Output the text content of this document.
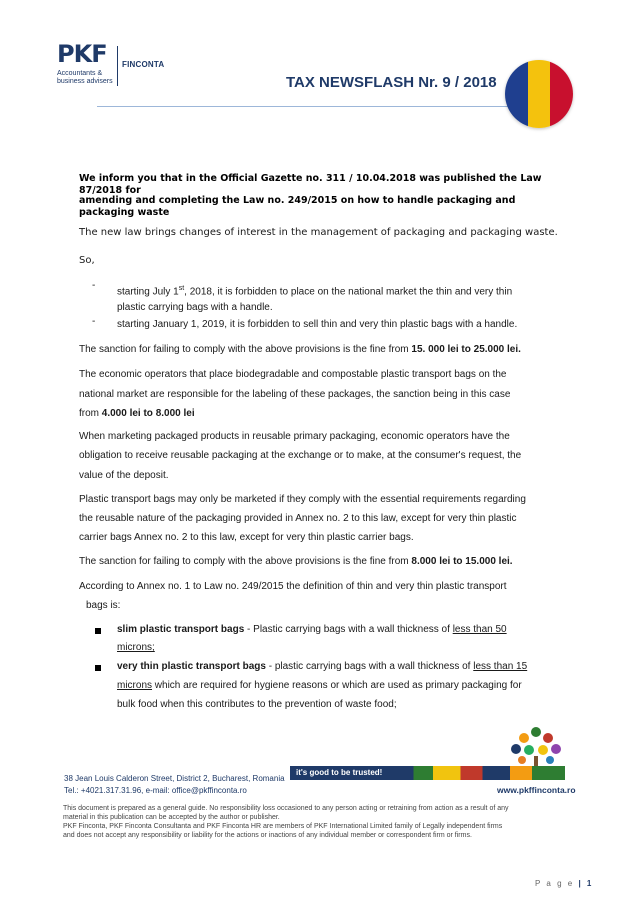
PKF
Accountants & business advisers
FINCONTA
TAX NEWSFLASH Nr. 9 / 2018
We inform you that in the Official Gazette no. 311 / 10.04.2018 was published the Law 87/2018 for
amending and completing the Law no. 249/2015 on how to handle packaging and packaging waste
The new law brings changes of interest in the management of packaging and packaging waste.
So,
-
starting July 1st, 2018, it is forbidden to place on the national market the thin and very thin
plastic carrying bags with a handle.
- starting January 1, 2019, it is forbidden to sell thin and very thin plastic bags with a handle.
The sanction for failing to comply with the above provisions is the fine from 15. 000 lei to 25.000 lei.
The economic operators that place biodegradable and compostable plastic transport bags on the
national market are responsible for the labeling of these packages, the sanction being in this case
from 4.000 lei to 8.000 lei
When marketing packaged products in reusable primary packaging, economic operators have the
obligation to receive reusable packaging at the exchange or to make, at the consumer's request, the
value of the deposit.
Plastic transport bags may only be marketed if they comply with the essential requirements regarding
the reusable nature of the packaging provided in Annex no. 2 to this law, except for very thin plastic
carrier bags Annex no. 2 to this law, except for very thin plastic carrier bags.
The sanction for failing to comply with the above provisions is the fine from 8.000 lei to 15.000 lei.
According to Annex no. 1 to Law no. 249/2015 the definition of thin and very thin plastic transport
bags is:
slim plastic transport bags - Plastic carrying bags with a wall thickness of less than 50
microns;
very thin plastic transport bags - plastic carrying bags with a wall thickness of less than 15
microns which are required for hygiene reasons or which are used as primary packaging for
bulk food when this contributes to the prevention of waste food;
it's good to be trusted!
38 Jean Louis Calderon Street, District 2, Bucharest, Romania
Tel.: +4021.317.31.96, e-mail: office@pkffinconta.ro	www.pkffinconta.ro
This document is prepared as a general guide. No responsibility loss occasioned to any person acting or retraining from action as a result of any
material in this publication can be accepted by the author or publisher.
PKF Finconta, PKF Finconta Consultanta and PKF Finconta HR are members of PKF International Limited family of Legally independent firms
and does not accept any responsibility or liability for the actions or inactions of any individual member or correspondent firm or firms.
P a g e | 1
